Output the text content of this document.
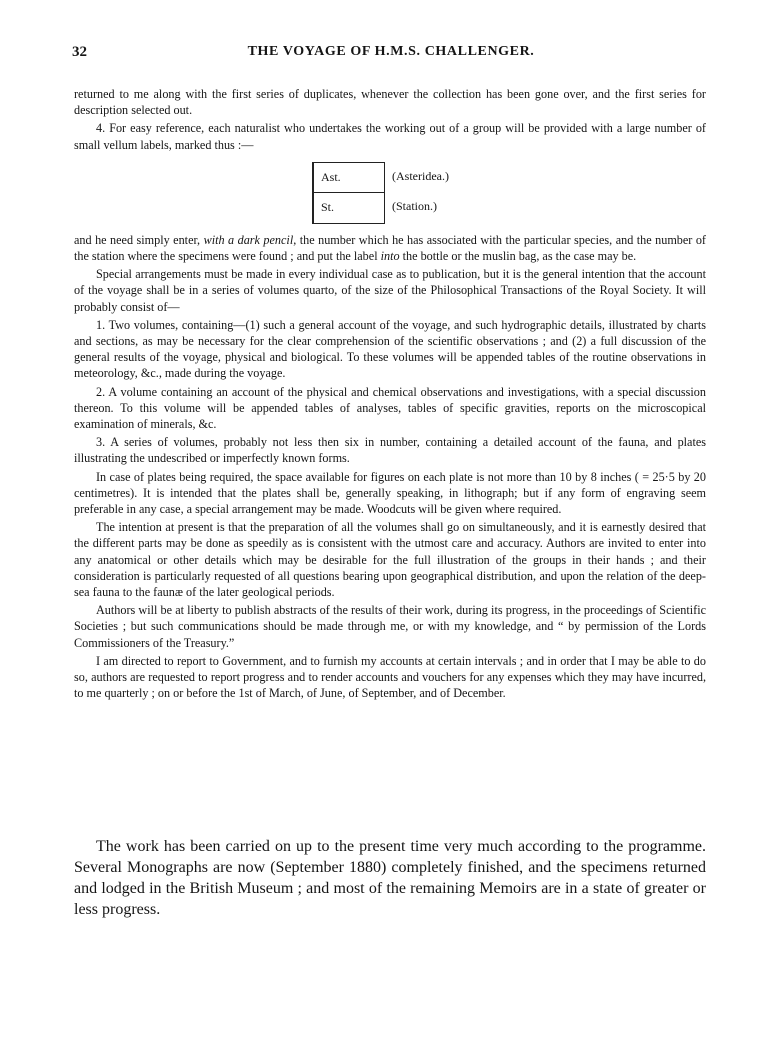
THE VOYAGE OF H.M.S. CHALLENGER.
32

returned to me along with the first series of duplicates, whenever the collection has been gone over, and the first series for description selected out.

4. For easy reference, each naturalist who undertakes the working out of a group will be provided with a large number of small vellum labels, marked thus :—

Ast.
St.
(Asteridea.)
(Station.)

and he need simply enter, with a dark pencil, the number which he has associated with the particular species, and the number of the station where the specimens were found ; and put the label into the bottle or the muslin bag, as the case may be.

Special arrangements must be made in every individual case as to publication, but it is the general intention that the account of the voyage shall be in a series of volumes quarto, of the size of the Philosophical Transactions of the Royal Society. It will probably consist of—

1. Two volumes, containing—(1) such a general account of the voyage, and such hydrographic details, illustrated by charts and sections, as may be necessary for the clear comprehension of the scientific observations ; and (2) a full discussion of the general results of the voyage, physical and biological. To these volumes will be appended tables of the routine observations in meteorology, &c., made during the voyage.

2. A volume containing an account of the physical and chemical observations and investigations, with a special discussion thereon. To this volume will be appended tables of analyses, tables of specific gravities, reports on the microscopical examination of minerals, &c.

3. A series of volumes, probably not less then six in number, containing a detailed account of the fauna, and plates illustrating the undescribed or imperfectly known forms.

In case of plates being required, the space available for figures on each plate is not more than 10 by 8 inches ( = 25·5 by 20 centimetres). It is intended that the plates shall be, generally speaking, in lithograph; but if any form of engraving seem preferable in any case, a special arrangement may be made. Woodcuts will be given where required.

The intention at present is that the preparation of all the volumes shall go on simultaneously, and it is earnestly desired that the different parts may be done as speedily as is consistent with the utmost care and accuracy. Authors are invited to enter into any anatomical or other details which may be desirable for the full illustration of the groups in their hands ; and their consideration is particularly requested of all questions bearing upon geographical distribution, and upon the relation of the deep-sea fauna to the faunæ of the later geological periods.

Authors will be at liberty to publish abstracts of the results of their work, during its progress, in the proceedings of Scientific Societies ; but such communications should be made through me, or with my knowledge, and “ by permission of the Lords Commissioners of the Treasury.”

I am directed to report to Government, and to furnish my accounts at certain intervals ; and in order that I may be able to do so, authors are requested to report progress and to render accounts and vouchers for any expenses which they may have incurred, to me quarterly ; on or before the 1st of March, of June, of September, and of December.

The work has been carried on up to the present time very much according to the programme. Several Monographs are now (September 1880) completely finished, and the specimens returned and lodged in the British Museum ; and most of the remaining Memoirs are in a state of greater or less progress.
